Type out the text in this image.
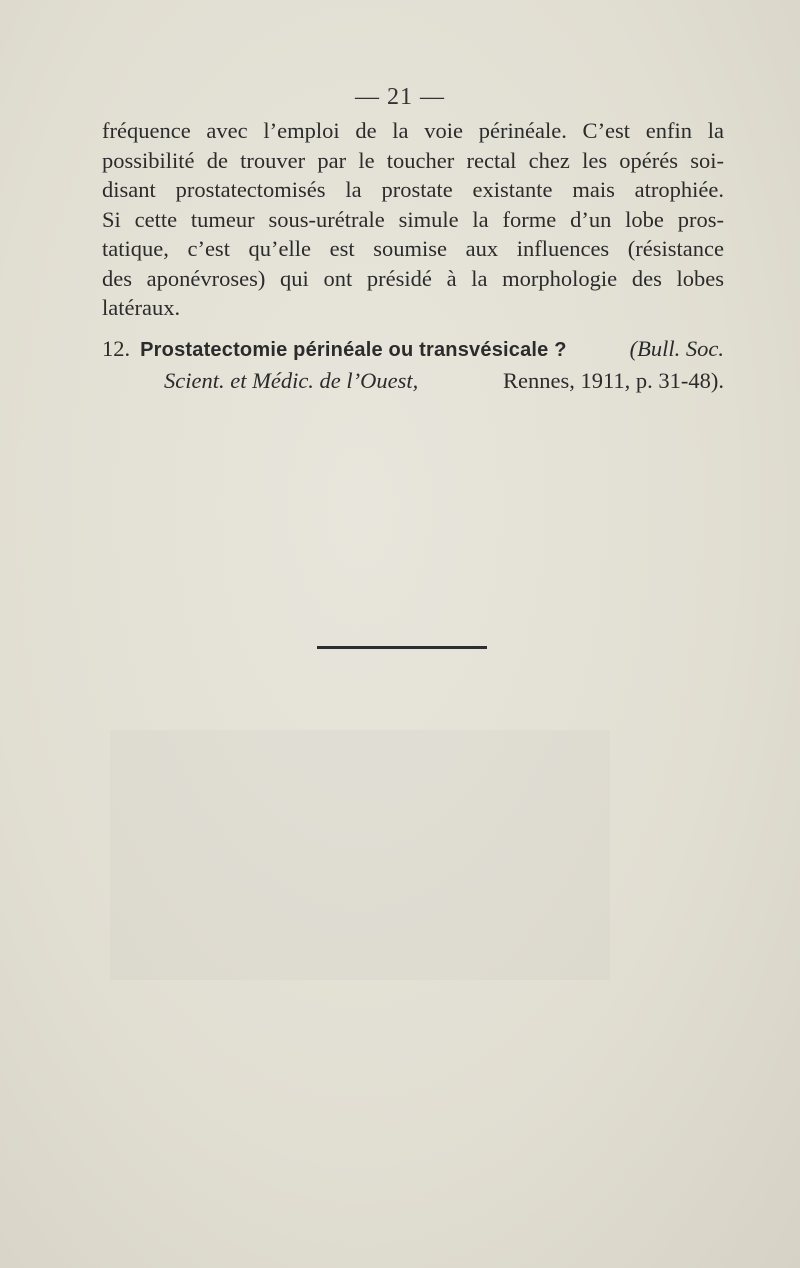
— 21 —

fréquence avec l’emploi de la voie périnéale. C’est enfin la

possibilité de trouver par le toucher rectal chez les opérés soi-

disant prostatectomisés la prostate existante mais atrophiée.

Si cette tumeur sous-urétrale simule la forme d’un lobe pros-

tatique, c’est qu’elle est soumise aux influences (résistance

des aponévroses) qui ont présidé à la morphologie des lobes

latéraux.

12. Prostatectomie périnéale ou transvésicale ?	(Bull. Soc.
Scient. et Médic. de l’Ouest,	Rennes, 1911, p. 31-48).
